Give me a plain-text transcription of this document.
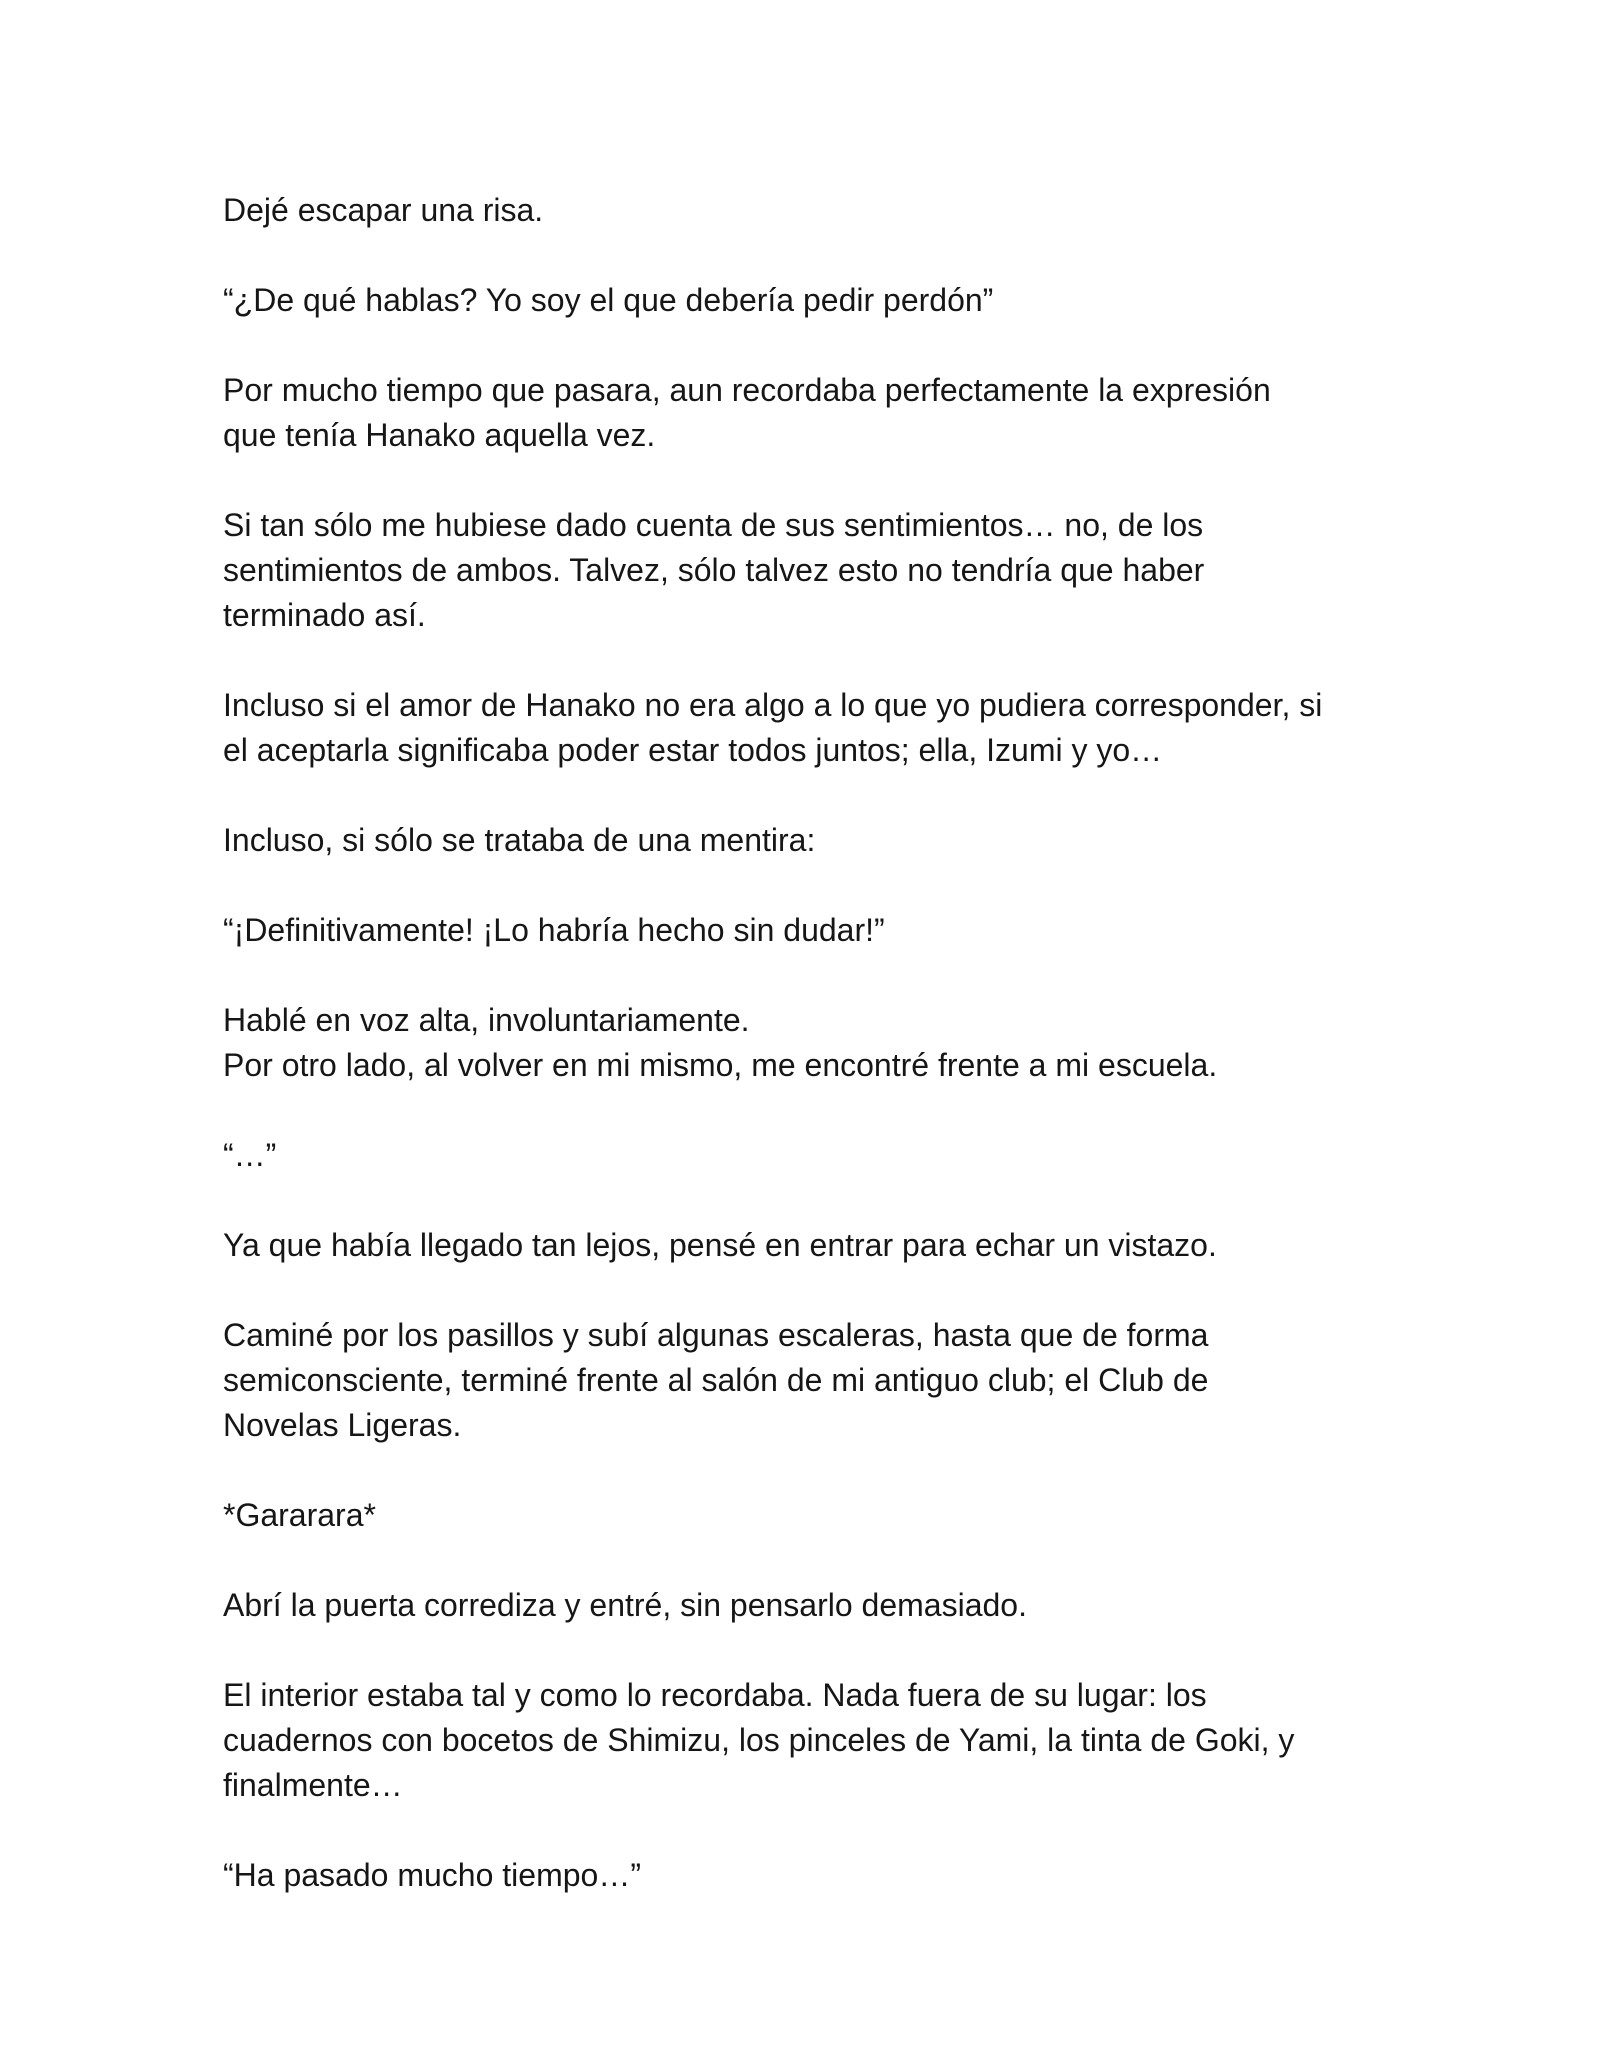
Dejé escapar una risa.

“¿De qué hablas? Yo soy el que debería pedir perdón”

Por mucho tiempo que pasara, aun recordaba perfectamente la expresión
que tenía Hanako aquella vez.

Si tan sólo me hubiese dado cuenta de sus sentimientos… no, de los
sentimientos de ambos. Talvez, sólo talvez esto no tendría que haber
terminado así.

Incluso si el amor de Hanako no era algo a lo que yo pudiera corresponder, si
el aceptarla significaba poder estar todos juntos; ella, Izumi y yo…

Incluso, si sólo se trataba de una mentira:

“¡Definitivamente! ¡Lo habría hecho sin dudar!”

Hablé en voz alta, involuntariamente.
Por otro lado, al volver en mi mismo, me encontré frente a mi escuela.

“…”

Ya que había llegado tan lejos, pensé en entrar para echar un vistazo.

Caminé por los pasillos y subí algunas escaleras, hasta que de forma
semiconsciente, terminé frente al salón de mi antiguo club; el Club de
Novelas Ligeras.

*Gararara*

Abrí la puerta corrediza y entré, sin pensarlo demasiado.

El interior estaba tal y como lo recordaba. Nada fuera de su lugar: los
cuadernos con bocetos de Shimizu, los pinceles de Yami, la tinta de Goki, y
finalmente…

“Ha pasado mucho tiempo…”
